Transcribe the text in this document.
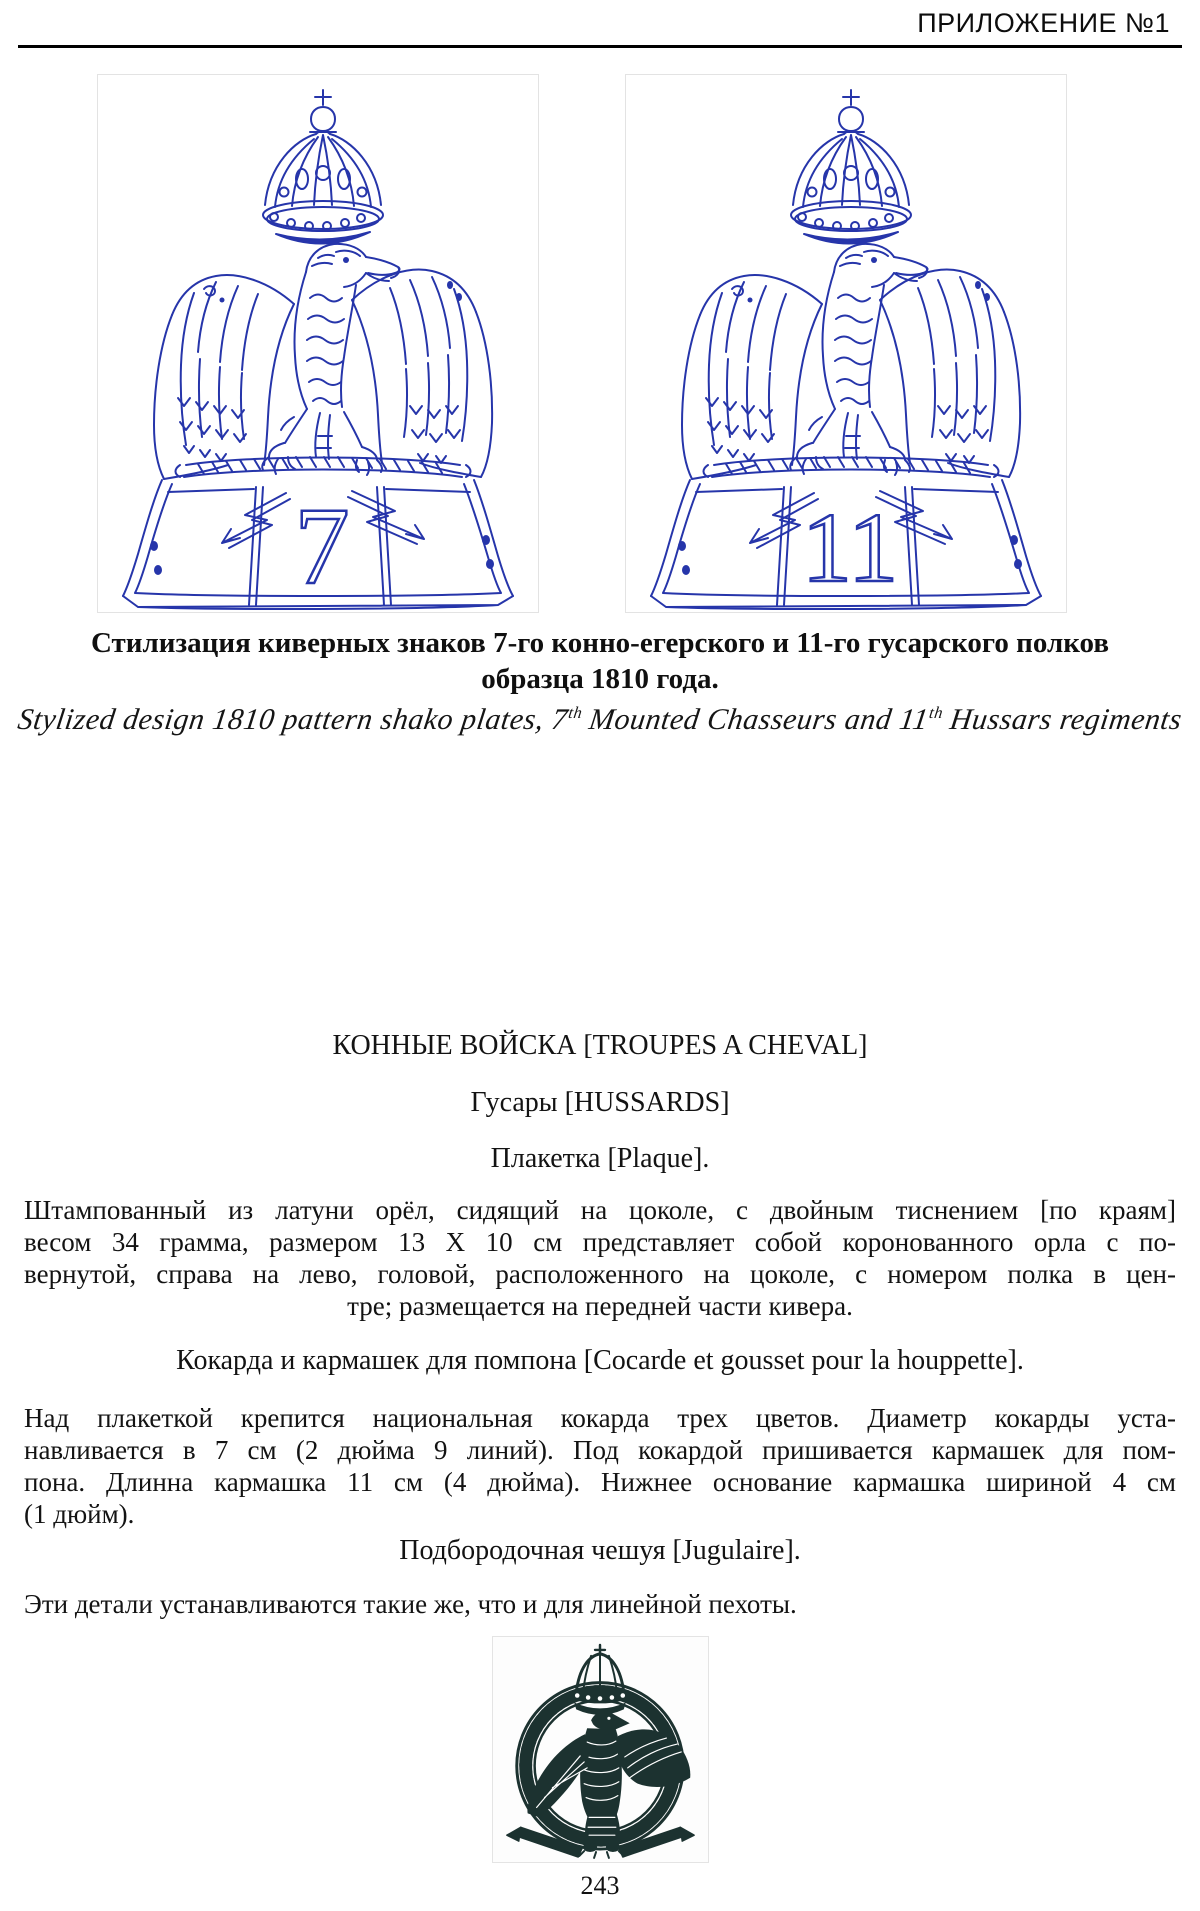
ПРИЛОЖЕНИЕ №1
7	11
Стилизация киверных знаков 7-го конно-егерского и 11-го гусарского полков
образца 1810 года.
Stylized design 1810 pattern shako plates, 7th Mounted Chasseurs and 11th Hussars regiments
КОННЫЕ ВОЙСКА [TROUPES A CHEVAL]
Гусары [HUSSARDS]
Плакетка [Plaque].
Штампованный из латуни орёл, сидящий на цоколе, с двойным тиснением [по краям]
весом 34 грамма, размером 13 Х 10 см представляет собой коронованного орла с по-
вернутой, справа на лево, головой, расположенного на цоколе, с номером полка в цен-
тре; размещается на передней части кивера.
Кокарда и кармашек для помпона [Cocarde et gousset pour la houppette].
Над плакеткой крепится национальная кокарда трех цветов. Диаметр кокарды уста-
навливается в 7 см (2 дюйма 9 линий). Под кокардой пришивается кармашек для пом-
пона. Длинна кармашка 11 см (4 дюйма). Нижнее основание кармашка шириной 4 см
(1 дюйм).
Подбородочная чешуя [Jugulaire].
Эти детали устанавливаются такие же, что и для линейной пехоты.
243
